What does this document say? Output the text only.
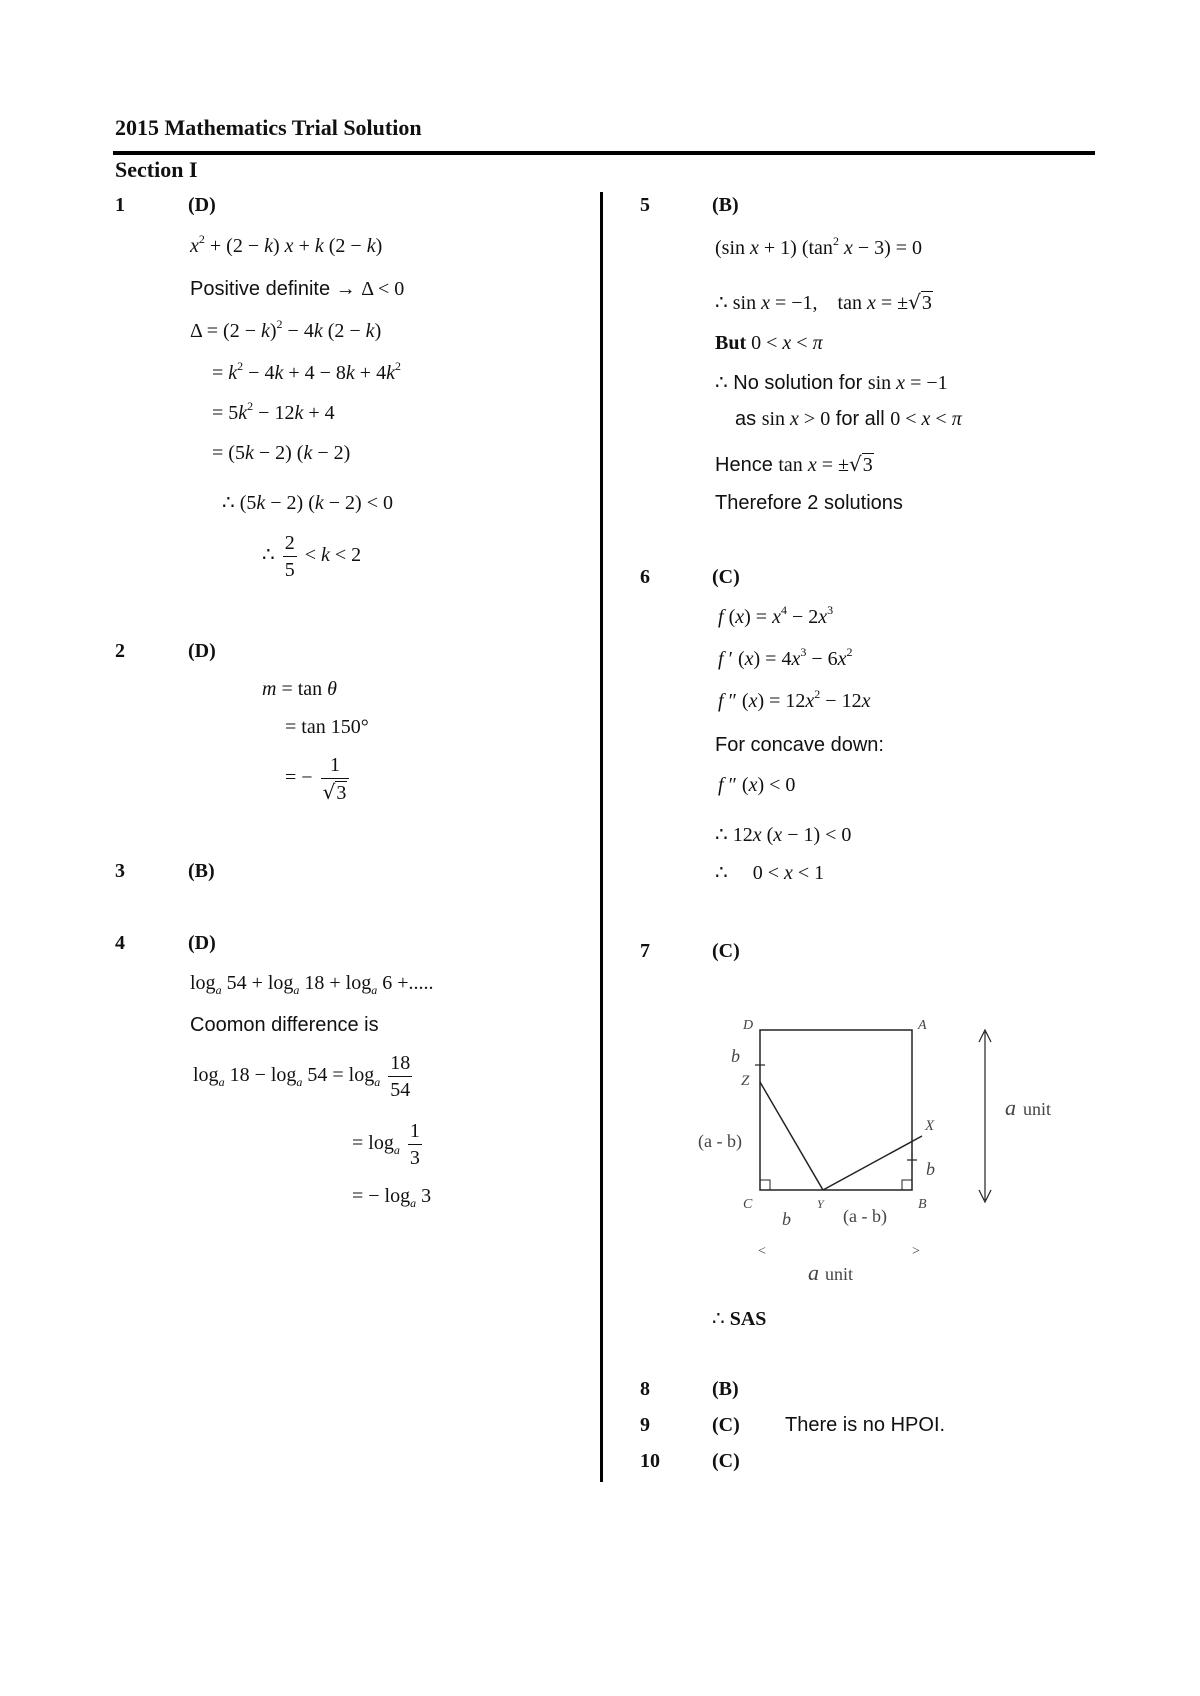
2015 Mathematics Trial Solution
Section I
1	(D)
$x^2 + (2 - k) x + k$ (2 − k)
Positive definite → Δ < 0
$\Delta = (2 - k)^2 - 4k$ (2 − k)
= $k^2 - 4k + 4 - 8k + 4k^2$
= $5k^2 - 12k + 4$
= (5k − 2) (k − 2)
∴ (5k − 2) (k − 2) < 0
∴ $\frac{2}{5} < k < 2$
2	(D)
m = tan θ
= tan 150°
= − $\frac{1}{√3}$
3	(B)
4	(D)
$\log_a 54 + \log_a 18 + \log_a 6$ +.....
Coomon difference is
$\log_a 18 - \log_a 54 = \log_a \frac{18}{54}$
= $\log_a \frac{1}{3}$
= − $\log_a 3$
5	(B)
(sin x + 1) ($\tan^2$ x − 3) = 0
∴ sin x = −1,    tan x = ±√3
But 0 < x < π
∴ No solution for sin x = −1
as sin x > 0 for all 0 < x < π
Hence tan x = ±√3
Therefore 2 solutions
6	(C)
f $(x) = x^4 - 2x^3$
f ′ $(x) = 4x^3 - 6x^2$
f ″ $(x) = 12x^2 - 12x$
For concave down:
f ″ (x) < 0
∴ 12x (x − 1) < 0
∴     0 < x < 1
7	(C)
D	A
C	B
Z
X
Y
b
(a - b)
b
b	(a - b)
a unit
<	>
a unit
∴ SAS
8	(B)
9	(C) There is no HPOI.
10	(C)
